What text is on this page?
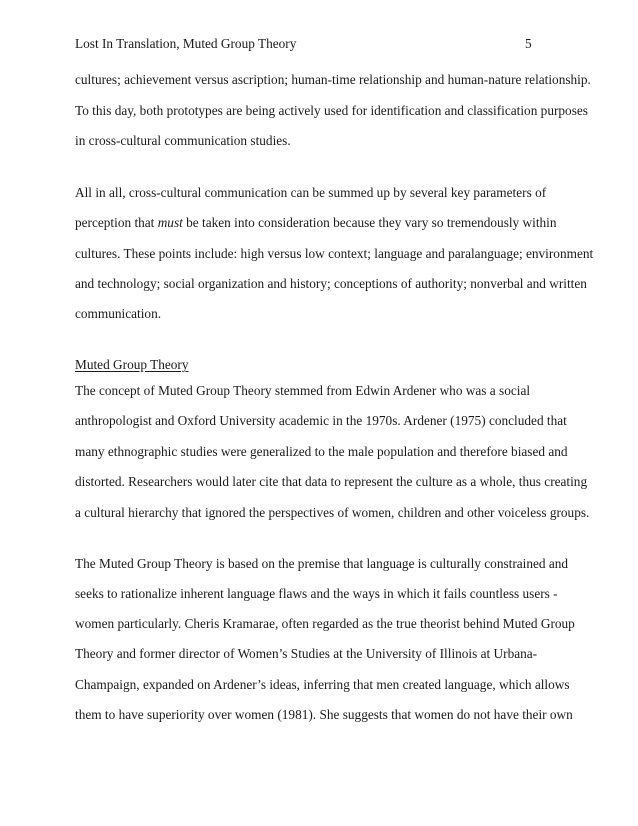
Lost In Translation, Muted Group Theory	5
cultures; achievement versus ascription; human-time relationship and human-nature relationship.
To this day, both prototypes are being actively used for identification and classification purposes
in cross-cultural communication studies.
All in all, cross-cultural communication can be summed up by several key parameters of
perception that must be taken into consideration because they vary so tremendously within
cultures. These points include: high versus low context; language and paralanguage; environment
and technology; social organization and history; conceptions of authority; nonverbal and written
communication.
Muted Group Theory
The concept of Muted Group Theory stemmed from Edwin Ardener who was a social
anthropologist and Oxford University academic in the 1970s. Ardener (1975) concluded that
many ethnographic studies were generalized to the male population and therefore biased and
distorted. Researchers would later cite that data to represent the culture as a whole, thus creating
a cultural hierarchy that ignored the perspectives of women, children and other voiceless groups.
The Muted Group Theory is based on the premise that language is culturally constrained and
seeks to rationalize inherent language flaws and the ways in which it fails countless users -
women particularly. Cheris Kramarae, often regarded as the true theorist behind Muted Group
Theory and former director of Women’s Studies at the University of Illinois at Urbana-
Champaign, expanded on Ardener’s ideas, inferring that men created language, which allows
them to have superiority over women (1981). She suggests that women do not have their own
